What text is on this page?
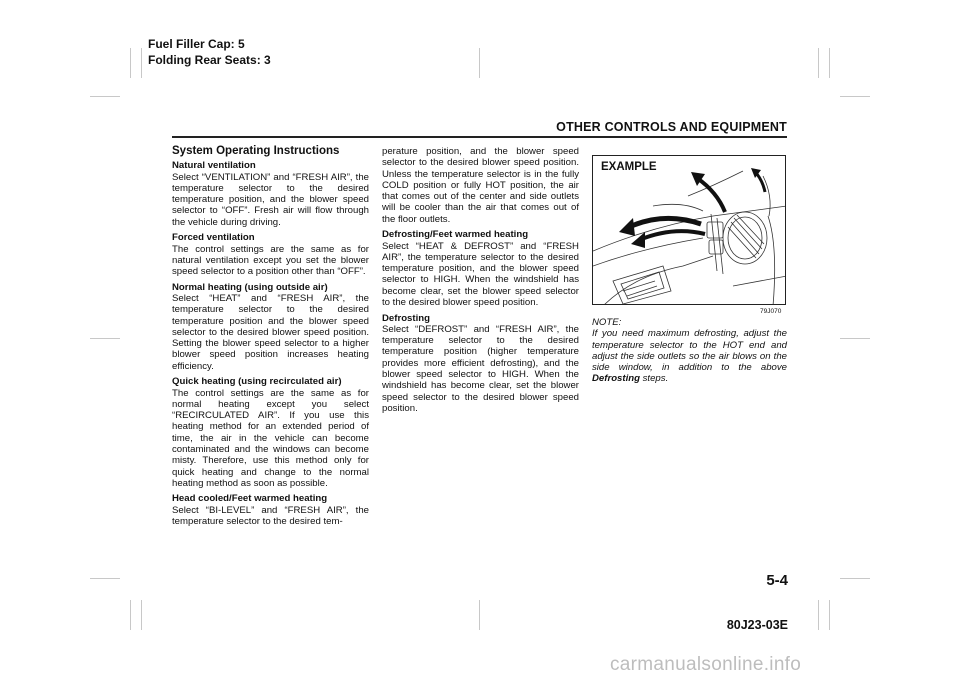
Fuel Filler Cap: 5
Folding Rear Seats: 3
OTHER CONTROLS AND EQUIPMENT
System Operating Instructions

Natural ventilation
Select “VENTILATION” and “FRESH AIR”, the temperature selector to the desired temperature position, and the blower speed selector to “OFF”. Fresh air will flow through the vehicle during driving.

Forced ventilation
The control settings are the same as for natural ventilation except you set the blower speed selector to a position other than “OFF”.

Normal heating (using outside air)
Select “HEAT” and “FRESH AIR”, the temperature selector to the desired temperature position and the blower speed selector to the desired blower speed position. Setting the blower speed selector to a higher blower speed position increases heating efficiency.

Quick heating (using recirculated air)
The control settings are the same as for normal heating except you select “RECIRCULATED AIR”. If you use this heating method for an extended period of time, the air in the vehicle can become contaminated and the windows can become misty. Therefore, use this method only for quick heating and change to the normal heating method as soon as possible.

Head cooled/Feet warmed heating
Select “BI-LEVEL” and “FRESH AIR”, the temperature selector to the desired tem-

perature position, and the blower speed selector to the desired blower speed position. Unless the temperature selector is in the fully COLD position or fully HOT position, the air that comes out of the center and side outlets will be cooler than the air that comes out of the floor outlets.

Defrosting/Feet warmed heating
Select “HEAT & DEFROST” and “FRESH AIR”, the temperature selector to the desired temperature position, and the blower speed selector to HIGH. When the windshield has become clear, set the blower speed selector to the desired blower speed position.

Defrosting
Select “DEFROST” and “FRESH AIR”, the temperature selector to the desired temperature position (higher temperature provides more efficient defrosting), and the blower speed selector to HIGH. When the windshield has become clear, set the blower speed selector to the desired blower speed position.

EXAMPLE
79J070
NOTE:
If you need maximum defrosting, adjust the temperature selector to the HOT end and adjust the side outlets so the air blows on the side window, in addition to the above Defrosting steps.
5-4
80J23-03E
carmanualsonline.info
